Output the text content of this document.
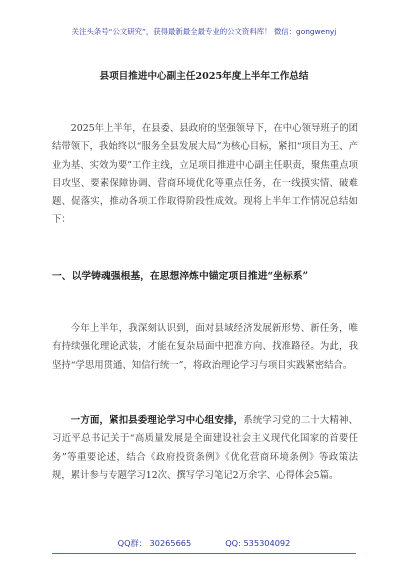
关注头条号“公文研究”，获得最新最全最专业的公文资料库！ 微信：gongwenyj
县项目推进中心副主任2025年度上半年工作总结

2025年上半年，在县委、县政府的坚强领导下，在中心领导班子的团结带领下，我始终以“服务全县发展大局”为核心目标，紧扣“项目为王、产业为基、实效为要”工作主线，立足项目推进中心副主任职责，聚焦重点项目攻坚、要素保障协调、营商环境优化等重点任务，在一线摸实情、破难题、促落实，推动各项工作取得阶段性成效。现将上半年工作情况总结如下：

一、以学铸魂强根基，在思想淬炼中锚定项目推进“坐标系”

今年上半年，我深刻认识到，面对县域经济发展新形势、新任务，唯有持续强化理论武装，才能在复杂局面中把准方向、找准路径。为此，我坚持“学思用贯通、知信行统一”，将政治理论学习与项目实践紧密结合。

一方面，紧扣县委理论学习中心组安排，系统学习党的二十大精神、习近平总书记关于“高质量发展是全面建设社会主义现代化国家的首要任务”等重要论述，结合《政府投资条例》《优化营商环境条例》等政策法规，累计参与专题学习12次、撰写学习笔记2万余字、心得体会5篇。

QQ群： 30265665	QQ: 535304092
